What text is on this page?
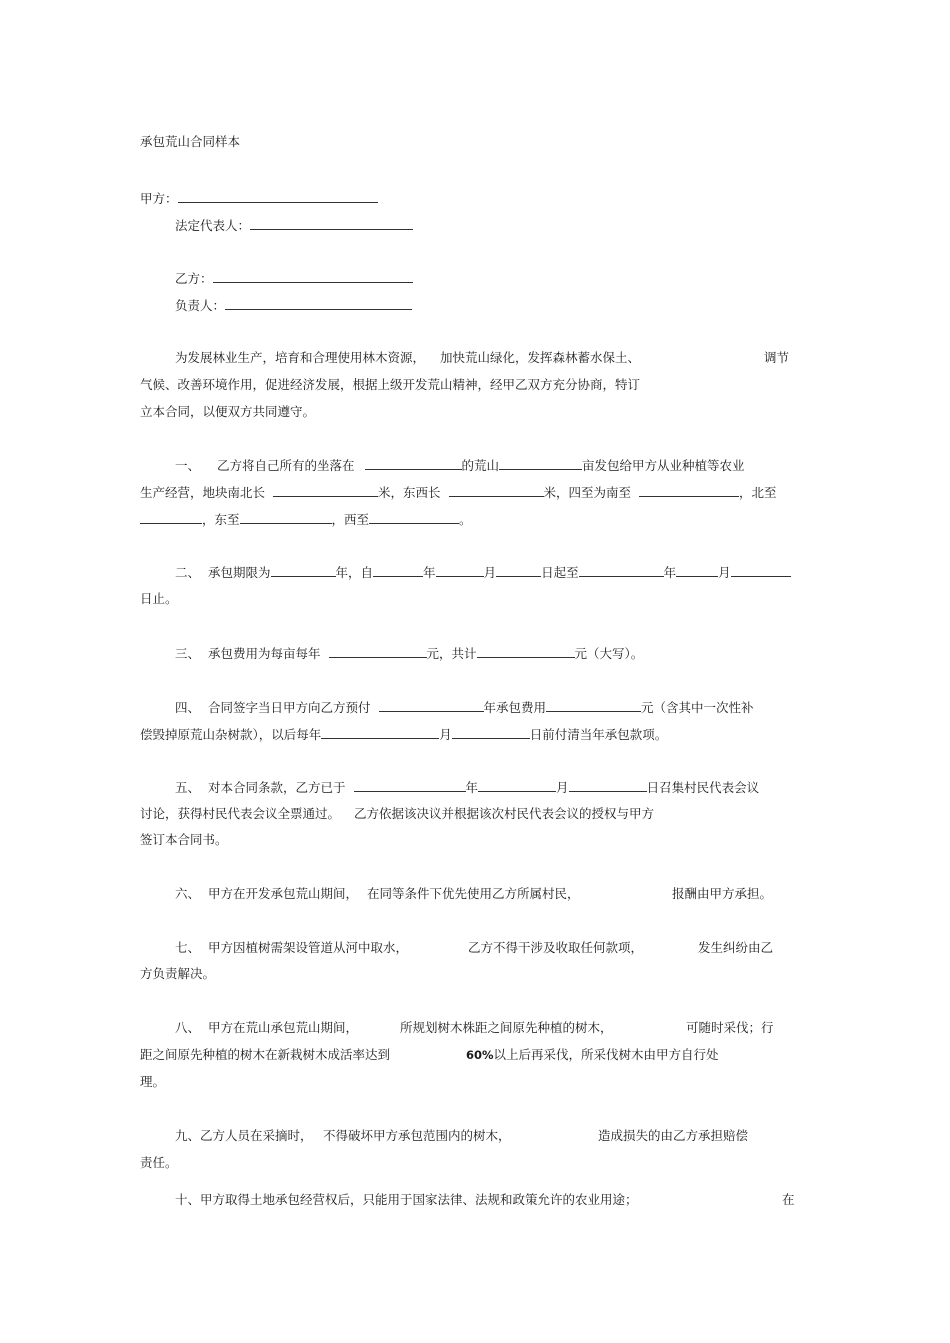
承包荒山合同样本
甲方：
法定代表人：
乙方：
负责人：
为发展林业生产，培育和合理使用林木资源， 加快荒山绿化，发挥森林蓄水保土、	调节
气候、改善环境作用，促进经济发展，根据上级开发荒山精神，经甲乙双方充分协商，特订
立本合同，以便双方共同遵守。
一、 乙方将自己所有的坐落在	的荒山	亩发包给甲方从业种植等农业
生产经营，地块南北长	米，东西长	米，四至为南至	，北至
，东至	，西至	。
二、 承包期限为	年，自	年	月	日起至	年	月
日止。
三、 承包费用为每亩每年	元，共计	元（大写）。
四、 合同签字当日甲方向乙方预付	年承包费用	元（含其中一次性补
偿毁掉原荒山杂树款），以后每年	月	日前付清当年承包款项。
五、 对本合同条款，乙方已于	年	月	日召集村民代表会议
讨论，获得村民代表会议全票通过。 乙方依据该决议并根据该次村民代表会议的授权与甲方
签订本合同书。
六、 甲方在开发承包荒山期间， 在同等条件下优先使用乙方所属村民，	报酬由甲方承担。
七、 甲方因植树需架设管道从河中取水，	乙方不得干涉及收取任何款项，	发生纠纷由乙
方负责解决。
八、 甲方在荒山承包荒山期间，	所规划树木株距之间原先种植的树木，	可随时采伐；行
距之间原先种植的树木在新栽树木成活率达到	60%以上后再采伐，所采伐树木由甲方自行处
理。
九、乙方人员在采摘时， 不得破坏甲方承包范围内的树木，	造成损失的由乙方承担赔偿
责任。
十、甲方取得土地承包经营权后，只能用于国家法律、法规和政策允许的农业用途；	在
